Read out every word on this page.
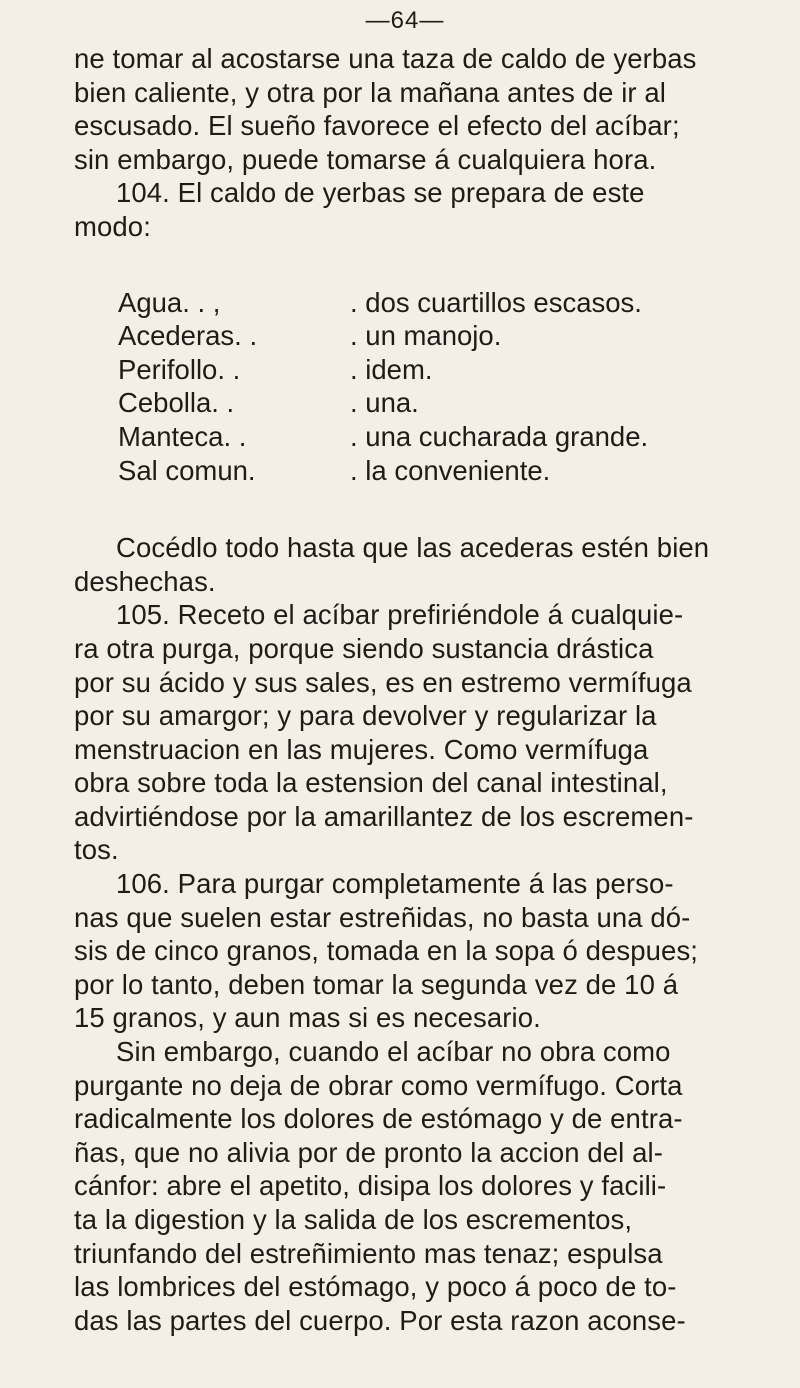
—64—

ne tomar al acostarse una taza de caldo de yerbas
bien caliente, y otra por la mañana antes de ir al
escusado. El sueño favorece el efecto del acíbar;
sin embargo, puede tomarse á cualquiera hora.

104. El caldo de yerbas se prepara de este
modo:

Agua. . ,	. dos cuartillos escasos.
Acederas. .	. un manojo.
Perifollo. .	. idem.
Cebolla. .	. una.
Manteca. .	. una cucharada grande.
Sal comun.	. la conveniente.

Cocédlo todo hasta que las acederas estén bien
deshechas.

105. Receto el acíbar prefiriéndole á cualquie-
ra otra purga, porque siendo sustancia drástica
por su ácido y sus sales, es en estremo vermífuga
por su amargor; y para devolver y regularizar la
menstruacion en las mujeres. Como vermífuga
obra sobre toda la estension del canal intestinal,
advirtiéndose por la amarillantez de los escremen-
tos.

106. Para purgar completamente á las perso-
nas que suelen estar estreñidas, no basta una dó-
sis de cinco granos, tomada en la sopa ó despues;
por lo tanto, deben tomar la segunda vez de 10 á
15 granos, y aun mas si es necesario.

Sin embargo, cuando el acíbar no obra como
purgante no deja de obrar como vermífugo. Corta
radicalmente los dolores de estómago y de entra-
ñas, que no alivia por de pronto la accion del al-
cánfor: abre el apetito, disipa los dolores y facili-
ta la digestion y la salida de los escrementos,
triunfando del estreñimiento mas tenaz; espulsa
las lombrices del estómago, y poco á poco de to-
das las partes del cuerpo. Por esta razon aconse-
